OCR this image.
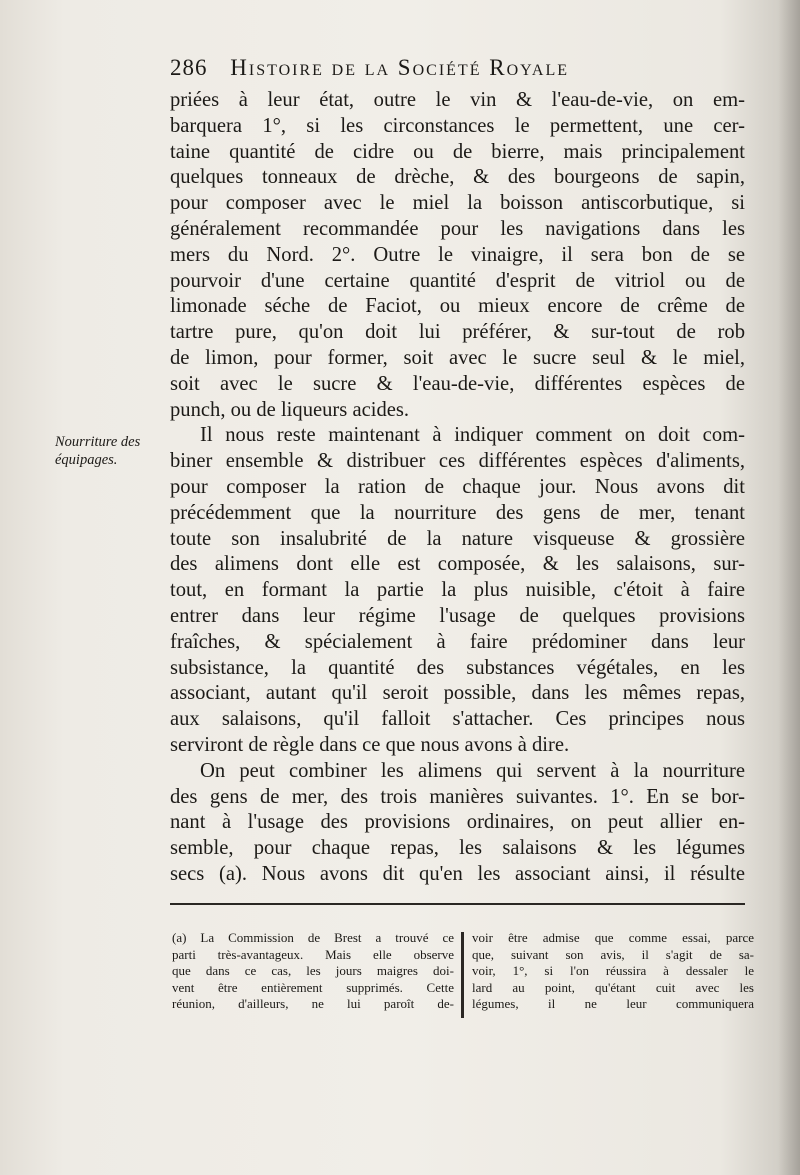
286 Histoire de la Société Royale
Nourriture des
équipages.
priées à leur état, outre le vin & l'eau-de-vie, on em-
barquera 1°, si les circonstances le permettent, une cer-
taine quantité de cidre ou de bierre, mais principalement
quelques tonneaux de drèche, & des bourgeons de sapin,
pour composer avec le miel la boisson antiscorbutique, si
généralement recommandée pour les navigations dans les
mers du Nord. 2°. Outre le vinaigre, il sera bon de se
pourvoir d'une certaine quantité d'esprit de vitriol ou de
limonade séche de Faciot, ou mieux encore de crême de
tartre pure, qu'on doit lui préférer, & sur-tout de rob
de limon, pour former, soit avec le sucre seul & le miel,
soit avec le sucre & l'eau-de-vie, différentes espèces de
punch, ou de liqueurs acides.
Il nous reste maintenant à indiquer comment on doit com-
biner ensemble & distribuer ces différentes espèces d'aliments,
pour composer la ration de chaque jour. Nous avons dit
précédemment que la nourriture des gens de mer, tenant
toute son insalubrité de la nature visqueuse & grossière
des alimens dont elle est composée, & les salaisons, sur-
tout, en formant la partie la plus nuisible, c'étoit à faire
entrer dans leur régime l'usage de quelques provisions
fraîches, & spécialement à faire prédominer dans leur
subsistance, la quantité des substances végétales, en les
associant, autant qu'il seroit possible, dans les mêmes repas,
aux salaisons, qu'il falloit s'attacher. Ces principes nous
serviront de règle dans ce que nous avons à dire.
On peut combiner les alimens qui servent à la nourriture
des gens de mer, des trois manières suivantes. 1°. En se bor-
nant à l'usage des provisions ordinaires, on peut allier en-
semble, pour chaque repas, les salaisons & les légumes
secs (a). Nous avons dit qu'en les associant ainsi, il résulte
(a) La Commission de Brest a trouvé ce
parti très-avantageux. Mais elle observe
que dans ce cas, les jours maigres doi-
vent être entièrement supprimés. Cette
réunion, d'ailleurs, ne lui paroît de-
voir être admise que comme essai, parce
que, suivant son avis, il s'agit de sa-
voir, 1°, si l'on réussira à dessaler le
lard au point, qu'étant cuit avec les
légumes, il ne leur communiquera
